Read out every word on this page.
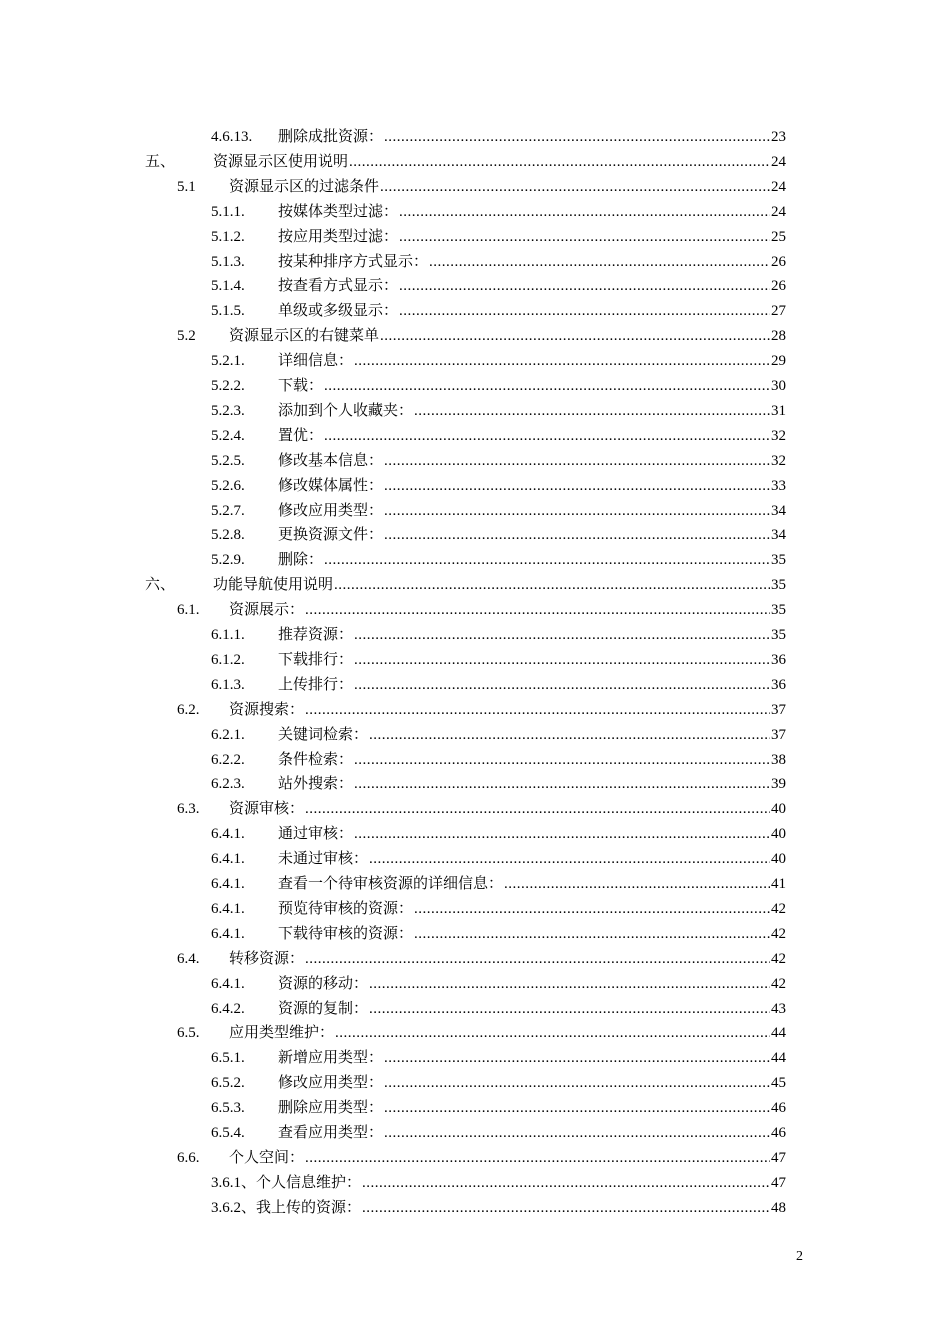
4.6.13. 删除成批资源： .....	23
五、	资源显示区使用说明 .....	24
5.1 资源显示区的过滤条件 .....	24
5.1.1. 按媒体类型过滤： .....	24
5.1.2. 按应用类型过滤： .....	25
5.1.3. 按某种排序方式显示： .....	26
5.1.4. 按查看方式显示： .....	26
5.1.5. 单级或多级显示： .....	27
5.2 资源显示区的右键菜单 .....	28
5.2.1. 详细信息： .....	29
5.2.2. 下载： .....	30
5.2.3. 添加到个人收藏夹： .....	31
5.2.4. 置优： .....	32
5.2.5. 修改基本信息： .....	32
5.2.6. 修改媒体属性： .....	33
5.2.7. 修改应用类型： .....	34
5.2.8. 更换资源文件： .....	34
5.2.9. 删除： .....	35
六、	功能导航使用说明 .....	35
6.1. 资源展示： .....	35
6.1.1. 推荐资源： .....	35
6.1.2. 下载排行： .....	36
6.1.3. 上传排行： .....	36
6.2. 资源搜索： .....	37
6.2.1. 关键词检索： .....	37
6.2.2. 条件检索： .....	38
6.2.3. 站外搜索： .....	39
6.3. 资源审核： .....	40
6.4.1. 通过审核： .....	40
6.4.1. 未通过审核： .....	40
6.4.1. 查看一个待审核资源的详细信息： .....	41
6.4.1. 预览待审核的资源： .....	42
6.4.1. 下载待审核的资源： .....	42
6.4. 转移资源： .....	42
6.4.1. 资源的移动： .....	42
6.4.2. 资源的复制： .....	43
6.5. 应用类型维护： .....	44
6.5.1. 新增应用类型： .....	44
6.5.2. 修改应用类型： .....	45
6.5.3. 删除应用类型： .....	46
6.5.4. 查看应用类型： .....	46
6.6. 个人空间： .....	47
3.6.1、个人信息维护： .....	47
3.6.2、我上传的资源： .....	48
2
